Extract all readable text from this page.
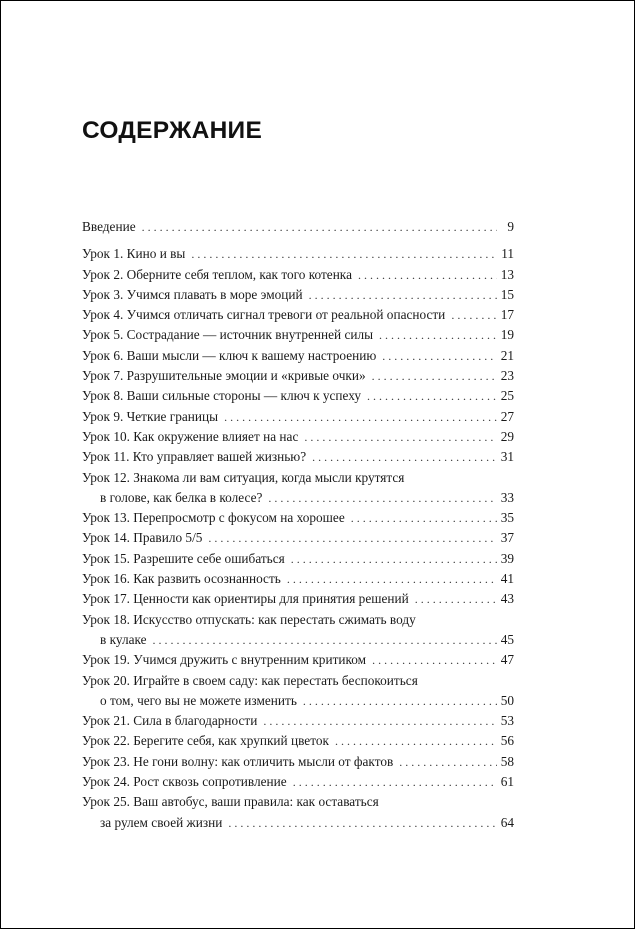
СОДЕРЖАНИЕ
Введение . . .	9
Урок 1. Кино и вы . . .	11
Урок 2. Оберните себя теплом, как того котенка . . .	13
Урок 3. Учимся плавать в море эмоций . . .	15
Урок 4. Учимся отличать сигнал тревоги от реальной опасности . . .	17
Урок 5. Сострадание — источник внутренней силы . . .	19
Урок 6. Ваши мысли — ключ к вашему настроению . . .	21
Урок 7. Разрушительные эмоции и «кривые очки» . . .	23
Урок 8. Ваши сильные стороны — ключ к успеху . . .	25
Урок 9. Четкие границы . . .	27
Урок 10. Как окружение влияет на нас . . .	29
Урок 11. Кто управляет вашей жизнью? . . .	31
Урок 12. Знакома ли вам ситуация, когда мысли крутятся
в голове, как белка в колесе? . . .	33
Урок 13. Перепросмотр с фокусом на хорошее . . .	35
Урок 14. Правило 5/5 . . .	37
Урок 15. Разрешите себе ошибаться . . .	39
Урок 16. Как развить осознанность . . .	41
Урок 17. Ценности как ориентиры для принятия решений . . .	43
Урок 18. Искусство отпускать: как перестать сжимать воду
в кулаке . . .	45
Урок 19. Учимся дружить с внутренним критиком . . .	47
Урок 20. Играйте в своем саду: как перестать беспокоиться
о том, чего вы не можете изменить . . .	50
Урок 21. Сила в благодарности . . .	53
Урок 22. Берегите себя, как хрупкий цветок . . .	56
Урок 23. Не гони волну: как отличить мысли от фактов . . .	58
Урок 24. Рост сквозь сопротивление . . .	61
Урок 25. Ваш автобус, ваши правила: как оставаться
за рулем своей жизни . . .	64
